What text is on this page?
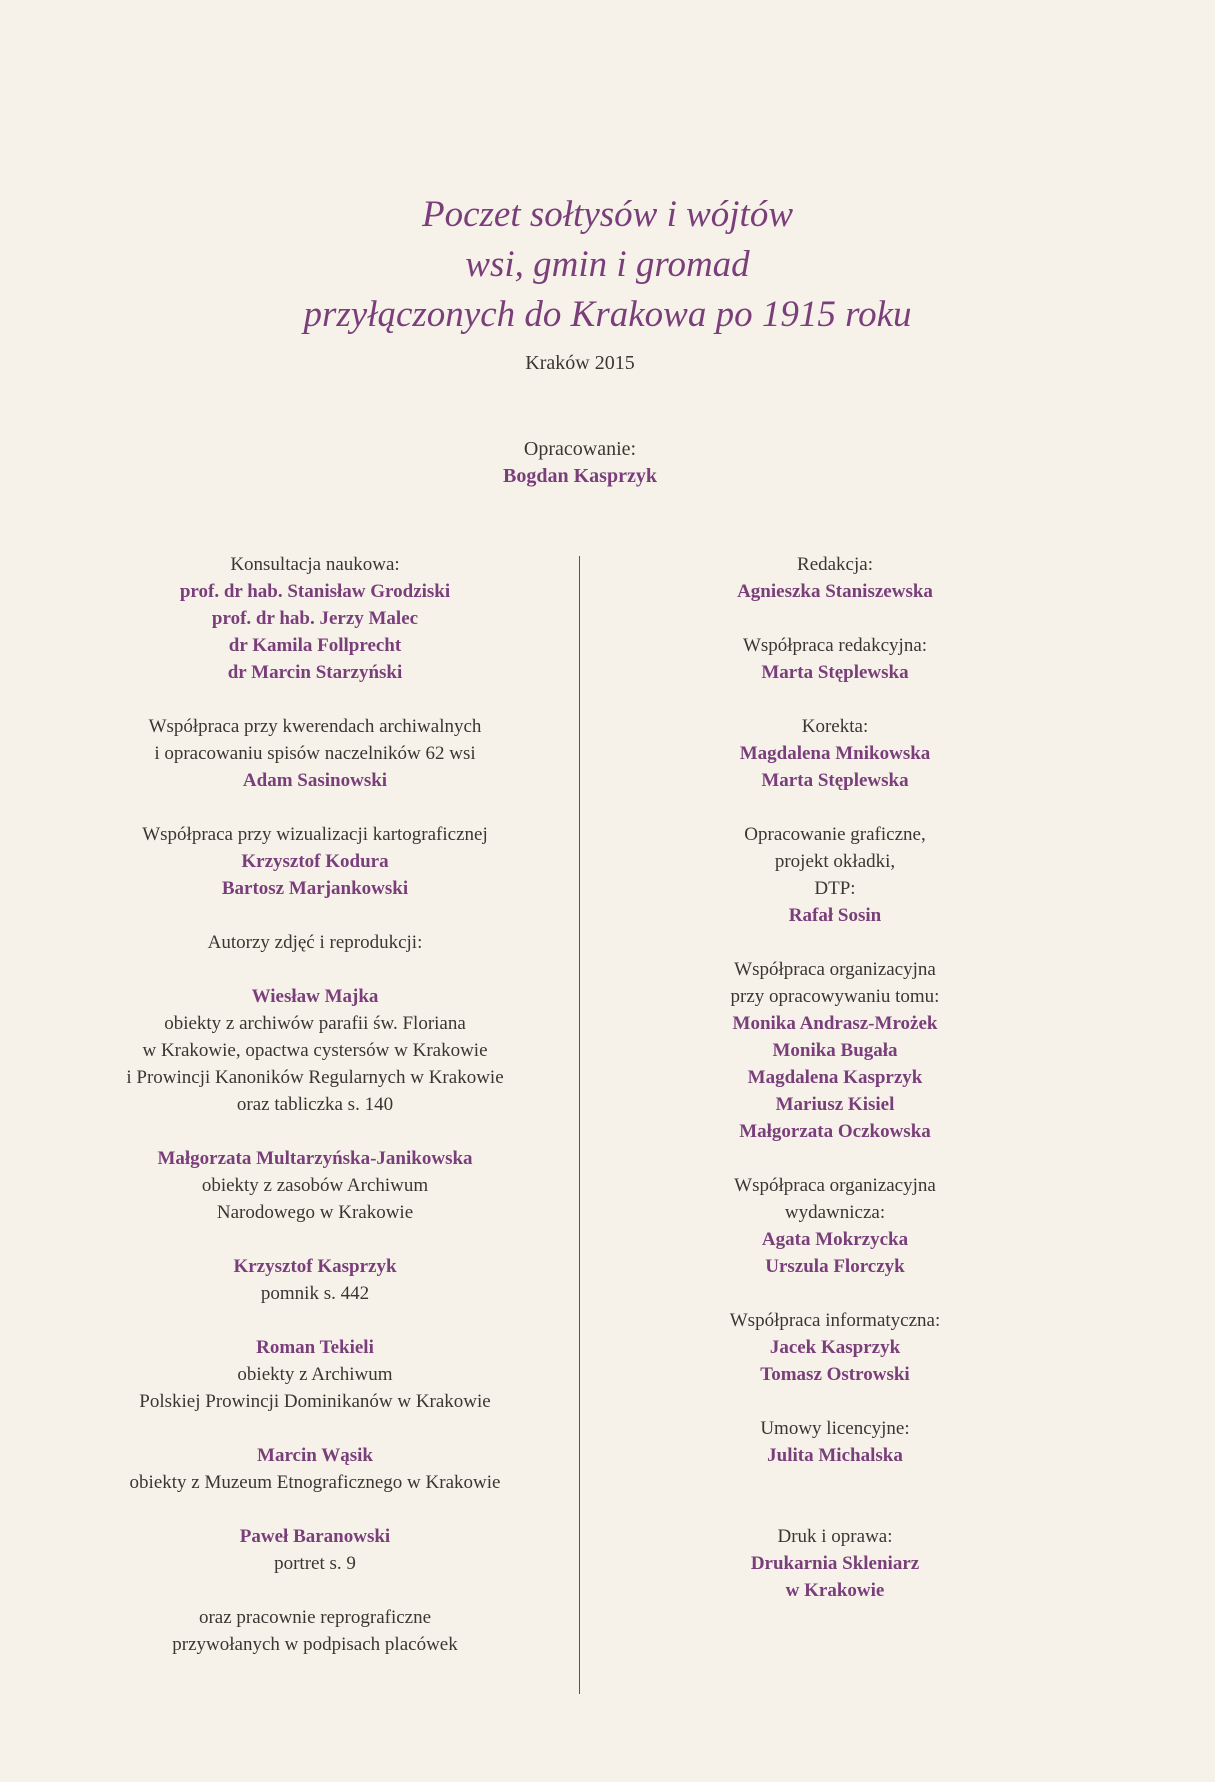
Poczet sołtysów i wójtów
wsi, gmin i gromad
przyłączonych do Krakowa po 1915 roku
Kraków 2015
Opracowanie:
Bogdan Kasprzyk
Konsultacja naukowa:
prof. dr hab. Stanisław Grodziski
prof. dr hab. Jerzy Malec
dr Kamila Follprecht
dr Marcin Starzyński
Współpraca przy kwerendach archiwalnych
i opracowaniu spisów naczelników 62 wsi
Adam Sasinowski
Współpraca przy wizualizacji kartograficznej
Krzysztof Kodura
Bartosz Marjankowski
Autorzy zdjęć i reprodukcji:
Wiesław Majka
obiekty z archiwów parafii św. Floriana
w Krakowie, opactwa cystersów w Krakowie
i Prowincji Kanoników Regularnych w Krakowie
oraz tabliczka s. 140
Małgorzata Multarzyńska-Janikowska
obiekty z zasobów Archiwum
Narodowego w Krakowie
Krzysztof Kasprzyk
pomnik s. 442
Roman Tekieli
obiekty z Archiwum
Polskiej Prowincji Dominikanów w Krakowie
Marcin Wąsik
obiekty z Muzeum Etnograficznego w Krakowie
Paweł Baranowski
portret s. 9
oraz pracownie reprograficzne
przywołanych w podpisach placówek
Redakcja:
Agnieszka Staniszewska
Współpraca redakcyjna:
Marta Stęplewska
Korekta:
Magdalena Mnikowska
Marta Stęplewska
Opracowanie graficzne,
projekt okładki,
DTP:
Rafał Sosin
Współpraca organizacyjna
przy opracowywaniu tomu:
Monika Andrasz-Mrożek
Monika Bugała
Magdalena Kasprzyk
Mariusz Kisiel
Małgorzata Oczkowska
Współpraca organizacyjna
wydawnicza:
Agata Mokrzycka
Urszula Florczyk
Współpraca informatyczna:
Jacek Kasprzyk
Tomasz Ostrowski
Umowy licencyjne:
Julita Michalska
Druk i oprawa:
Drukarnia Skleniarz
w Krakowie
